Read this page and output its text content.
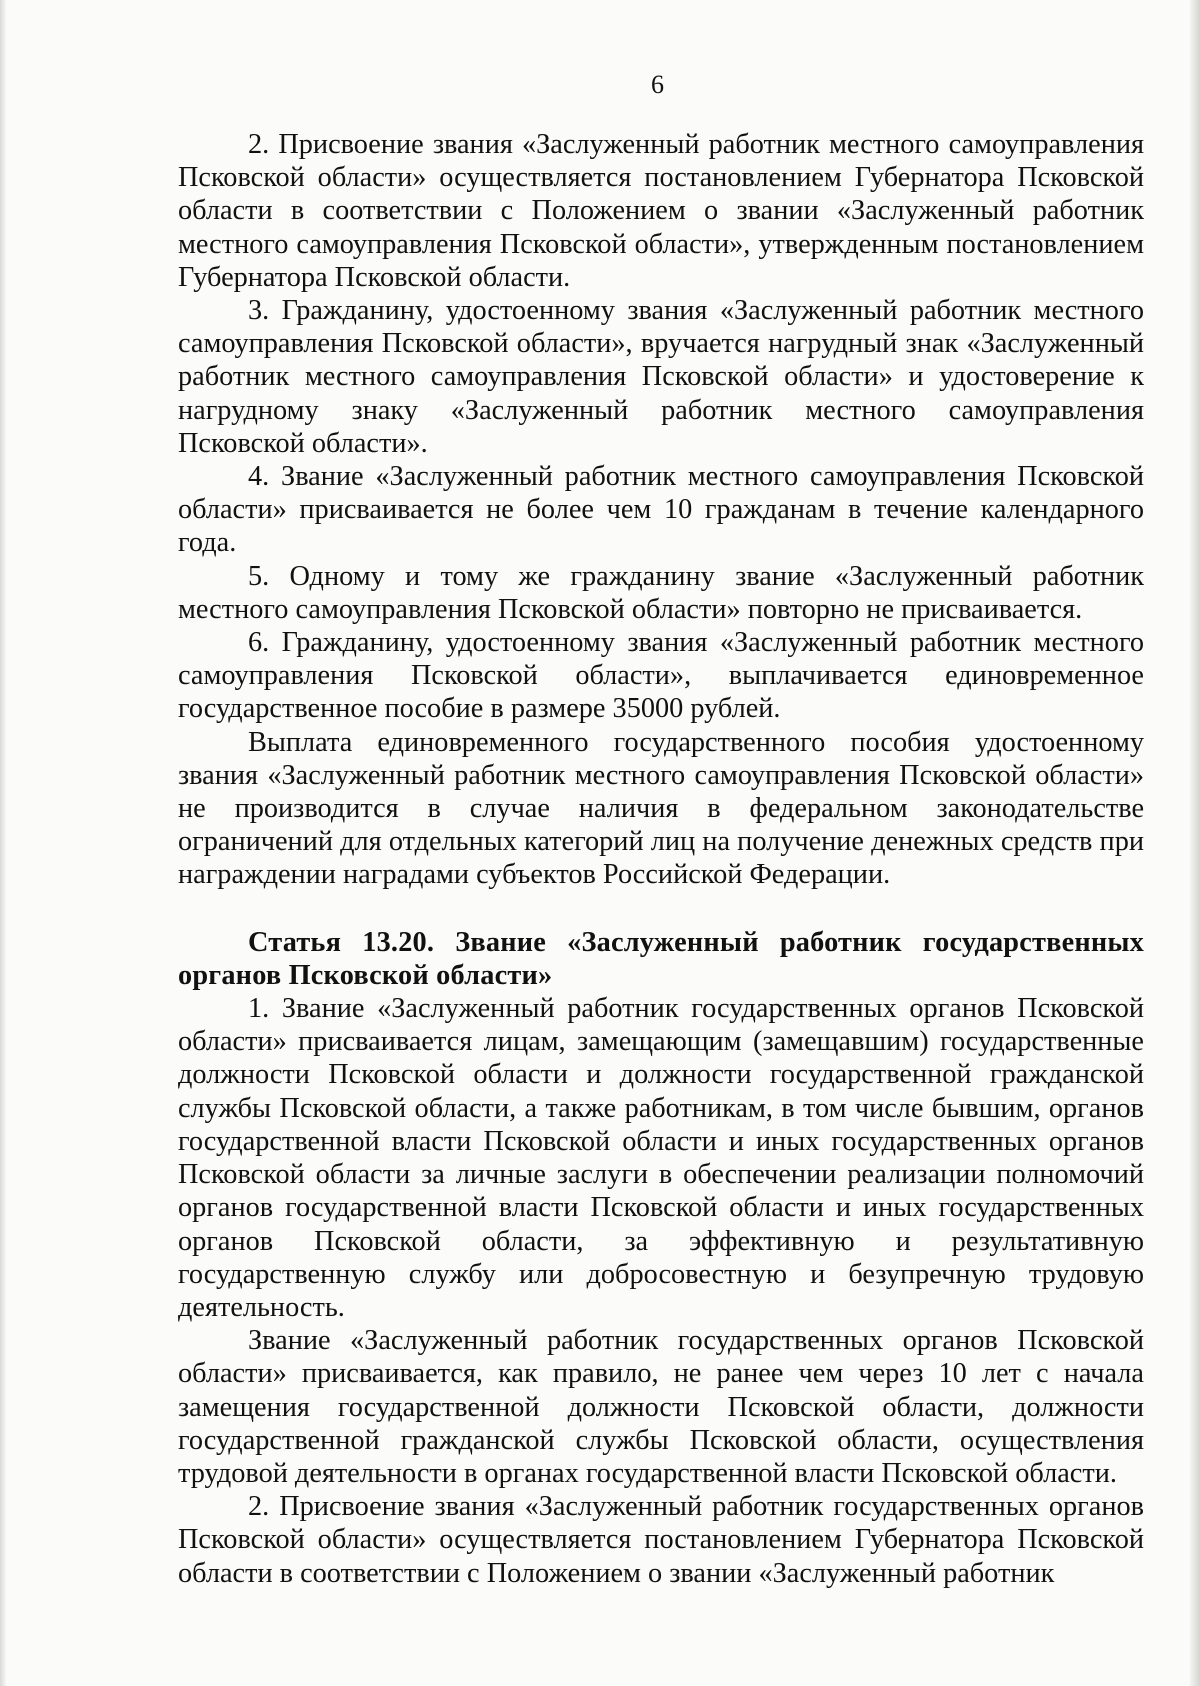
6

2. Присвоение звания «Заслуженный работник местного самоуправления Псковской области» осуществляется постановлением Губернатора Псковской области в соответствии с Положением о звании «Заслуженный работник местного самоуправления Псковской области», утвержденным постановлением Губернатора Псковской области.

3. Гражданину, удостоенному звания «Заслуженный работник местного самоуправления Псковской области», вручается нагрудный знак «Заслуженный работник местного самоуправления Псковской области» и удостоверение к нагрудному знаку «Заслуженный работник местного самоуправления Псковской области».

4. Звание «Заслуженный работник местного самоуправления Псковской области» присваивается не более чем 10 гражданам в течение календарного года.

5. Одному и тому же гражданину звание «Заслуженный работник местного самоуправления Псковской области» повторно не присваивается.

6. Гражданину, удостоенному звания «Заслуженный работник местного самоуправления Псковской области», выплачивается единовременное государственное пособие в размере 35000 рублей.

Выплата единовременного государственного пособия удостоенному звания «Заслуженный работник местного самоуправления Псковской области» не производится в случае наличия в федеральном законодательстве ограничений для отдельных категорий лиц на получение денежных средств при награждении наградами субъектов Российской Федерации.

Статья 13.20. Звание «Заслуженный работник государственных органов Псковской области»

1. Звание «Заслуженный работник государственных органов Псковской области» присваивается лицам, замещающим (замещавшим) государственные должности Псковской области и должности государственной гражданской службы Псковской области, а также работникам, в том числе бывшим, органов государственной власти Псковской области и иных государственных органов Псковской области за личные заслуги в обеспечении реализации полномочий органов государственной власти Псковской области и иных государственных органов Псковской области, за эффективную и результативную государственную службу или добросовестную и безупречную трудовую деятельность.

Звание «Заслуженный работник государственных органов Псковской области» присваивается, как правило, не ранее чем через 10 лет с начала замещения государственной должности Псковской области, должности государственной гражданской службы Псковской области, осуществления трудовой деятельности в органах государственной власти Псковской области.

2. Присвоение звания «Заслуженный работник государственных органов Псковской области» осуществляется постановлением Губернатора Псковской области в соответствии с Положением о звании «Заслуженный работник
